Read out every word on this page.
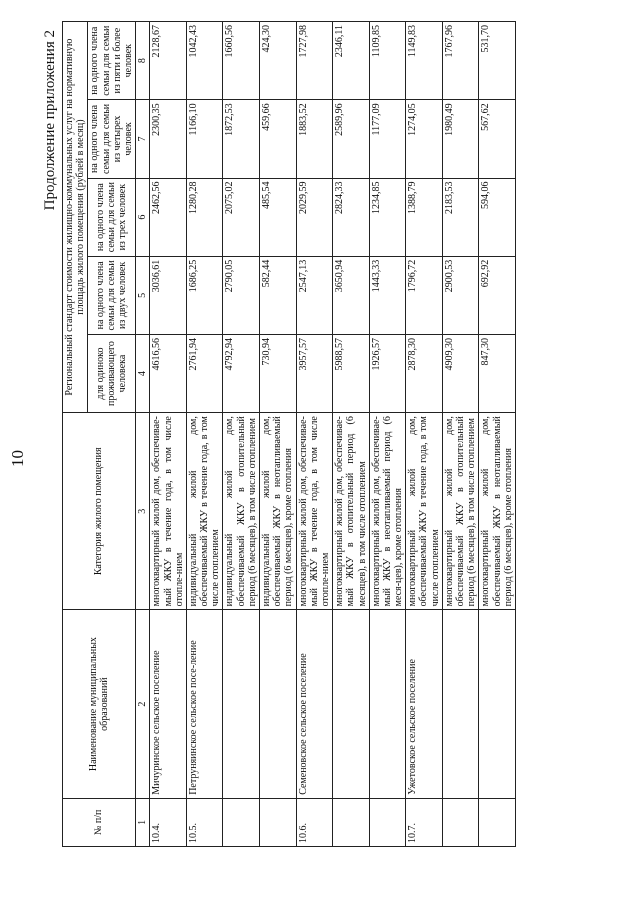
10
Продолжение приложения 2
№ п/п	Наименование муниципальных образований	Категория жилого помещения	Региональный стандарт стоимости жилищно-коммунальных услуг на нормативную площадь жилого помещения (рублей в месяц)				
			для одиноко проживающего человека	на одного члена семьи для семьи из двух человек	на одного члена семьи для семьи из трех человек	на одного члена семьи для семьи из четырех человек	на одного члена семьи для семьи из пяти и более человек
1	2	3	4	5	6	7	8
10.4.	Мичуринское сельское поселение	многоквартирный жилой дом, обеспечивае-мый ЖКУ в течение года, в том числе отопле-нием	4616,56	3036,61	2462,56	2300,35	2128,67
10.5.	Петруняинское сельское посе-ление	индивидуальный жилой дом, обеспечиваемый ЖКУ в течение года, в том числе отоплением	2761,94	1686,25	1280,28	1166,10	1042,43
		индивидуальный жилой дом, обеспечиваемый ЖКУ в отопительный период (6 месяцев), в том числе отоплением	4792,94	2790,05	2075,02	1872,53	1660,56
		индивидуальный жилой дом, обеспечиваемый ЖКУ в неотапливаемый период (6 месяцев), кроме отопления	730,94	582,44	485,54	459,66	424,30
10.6.	Семеновское сельское поселение	многоквартирный жилой дом, обеспечивае-мый ЖКУ в течение года, в том числе отопле-нием	3957,57	2547,13	2029,59	1883,52	1727,98
		многоквартирный жилой дом, обеспечивае-мый ЖКУ в отопительный период (6 месяцев), в том числе отоплением	5988,57	3650,94	2824,33	2589,96	2346,11
		многоквартирный жилой дом, обеспечивае-мый ЖКУ в неотапливаемый период (6 меся-цев), кроме отопления	1926,57	1443,33	1234,85	1177,09	1109,85
10.7.	Ужетовское сельское поселение	многоквартирный жилой дом, обеспечиваемый ЖКУ в течение года, в том числе отоплением	2878,30	1796,72	1388,79	1274,05	1149,83
		многоквартирный жилой дом, обеспечиваемый ЖКУ в отопительный период (6 месяцев), в том числе отоплением	4909,30	2900,53	2183,53	1980,49	1767,96
		многоквартирный жилой дом, обеспечиваемый ЖКУ в неотапливаемый период (6 месяцев), кроме отопления	847,30	692,92	594,06	567,62	531,70
